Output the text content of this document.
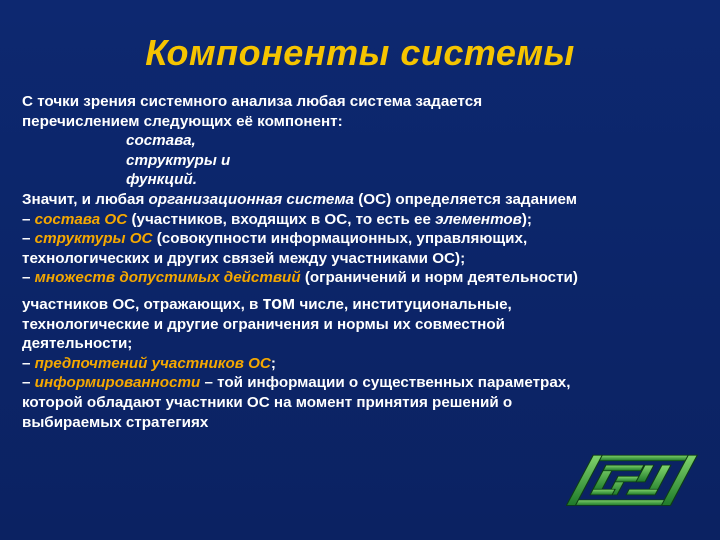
Компоненты системы
С точки зрения системного анализа любая система задается
перечислением следующих её компонент:
состава,
структуры и
функций.
Значит, и любая организационная система (ОС) определяется заданием
– состава ОС (участников, входящих в ОС, то есть ее элементов);
– структуры ОС (совокупности информационных, управляющих,
технологических и других связей между участниками ОС);
– множеств допустимых действий (ограничений и норм деятельности)
участников ОС, отражающих, в том числе, институциональные,
технологические и другие ограничения и нормы их совместной
деятельности;
– предпочтений участников ОС;
– информированности – той информации о существенных параметрах,
которой обладают участники ОС на момент принятия решений о
выбираемых стратегиях
